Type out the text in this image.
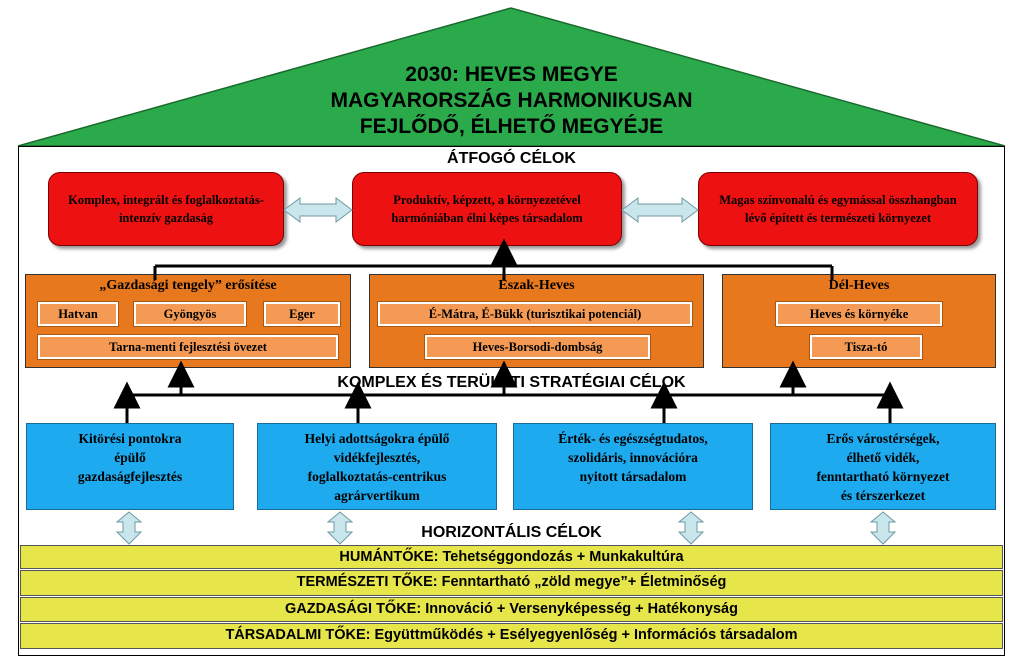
2030: HEVES MEGYE
MAGYARORSZÁG HARMONIKUSAN
FEJLŐDŐ, ÉLHETŐ MEGYÉJE
ÁTFOGÓ CÉLOK
Komplex, integrált és foglalkoztatás-intenzív gazdaság
Produktív, képzett, a környezetével harmóniában élni képes társadalom
Magas színvonalú és egymással összhangban lévő épített és természeti környezet
„Gazdasági tengely” erősítése
Hatvan	Gyöngyös	Eger
Tarna-menti fejlesztési övezet
Észak-Heves
É-Mátra, É-Bükk (turisztikai potenciál)
Heves-Borsodi-dombság
Dél-Heves
Heves és környéke
Tisza-tó
KOMPLEX ÉS TERÜLETI STRATÉGIAI CÉLOK
Kitörési pontokra
épülő
gazdaságfejlesztés
Helyi adottságokra épülő
vidékfejlesztés,
foglalkoztatás-centrikus
agrárvertikum
Érték- és egészségtudatos,
szolidáris, innovációra
nyitott társadalom
Erős várostérségek,
élhető vidék,
fenntartható környezet
és térszerkezet
HORIZONTÁLIS CÉLOK
HUMÁNTŐKE: Tehetséggondozás + Munkakultúra
TERMÉSZETI TŐKE: Fenntartható „zöld megye”+ Életminőség
GAZDASÁGI TŐKE: Innováció + Versenyképesség + Hatékonyság
TÁRSADALMI TŐKE: Együttműködés + Esélyegyenlőség + Információs társadalom
